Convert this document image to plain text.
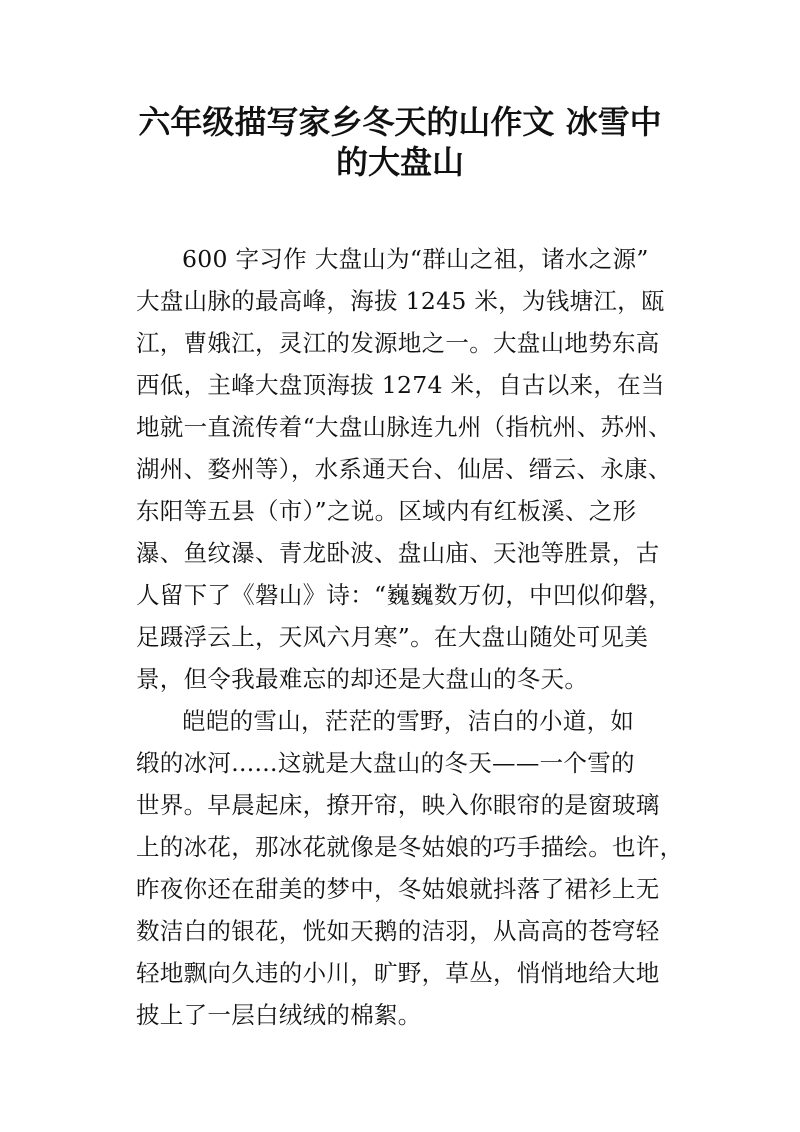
六年级描写家乡冬天的山作文 冰雪中
的大盘山
600 字习作 大盘山为“群山之祖，诸水之源”
大盘山脉的最高峰，海拔 1245 米，为钱塘江，瓯
江，曹娥江，灵江的发源地之一。大盘山地势东高
西低，主峰大盘顶海拔 1274 米，自古以来，在当
地就一直流传着“大盘山脉连九州（指杭州、苏州、
湖州、婺州等），水系通天台、仙居、缙云、永康、
东阳等五县（市）”之说。区域内有红板溪、之形
瀑、鱼纹瀑、青龙卧波、盘山庙、天池等胜景，古
人留下了《磐山》诗：“巍巍数万仞，中凹似仰磐，
足蹑浮云上，天风六月寒”。在大盘山随处可见美
景，但令我最难忘的却还是大盘山的冬天。
皑皑的雪山，茫茫的雪野，洁白的小道，如
缎的冰河......这就是大盘山的冬天——一个雪的
世界。早晨起床，撩开帘，映入你眼帘的是窗玻璃
上的冰花，那冰花就像是冬姑娘的巧手描绘。也许，
昨夜你还在甜美的梦中，冬姑娘就抖落了裙衫上无
数洁白的银花，恍如天鹅的洁羽，从高高的苍穹轻
轻地飘向久违的小川，旷野，草丛，悄悄地给大地
披上了一层白绒绒的棉絮。
